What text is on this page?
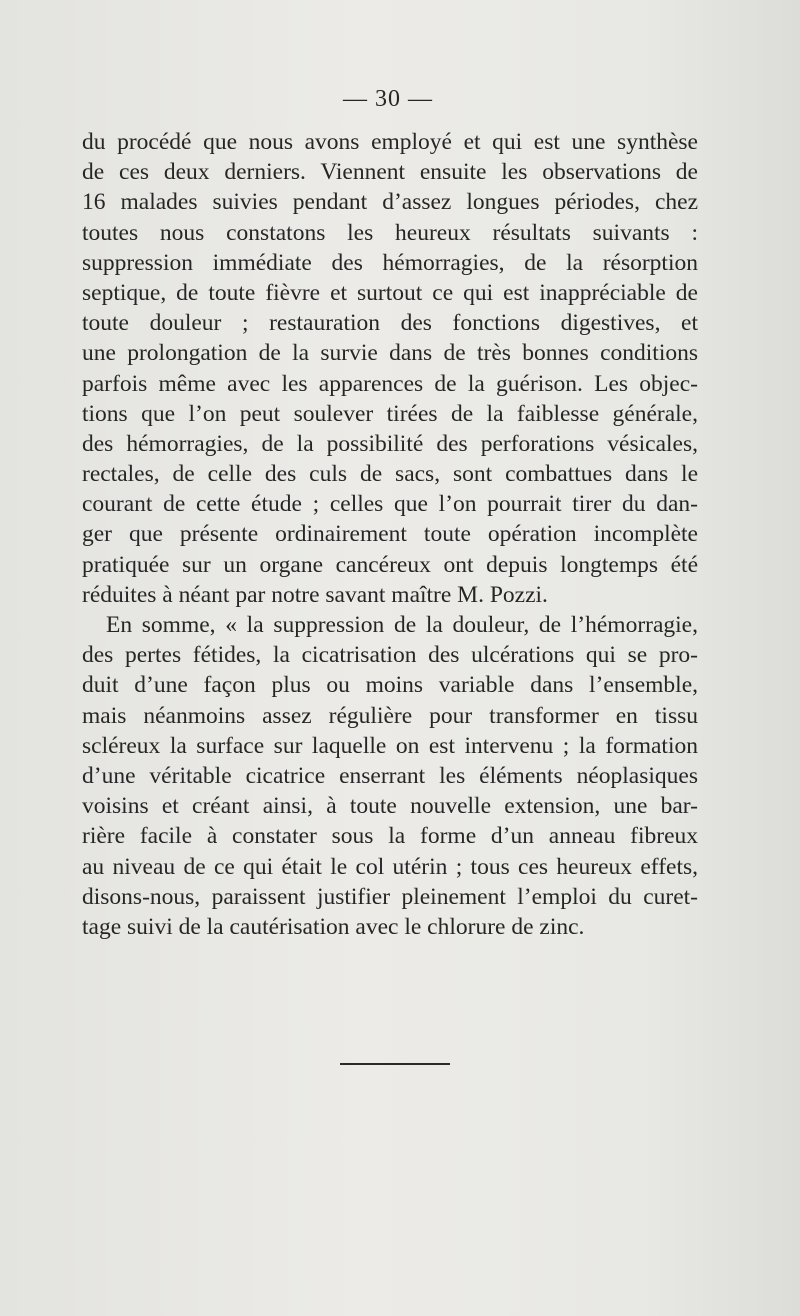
— 30 —
du procédé que nous avons employé et qui est une synthèse
de ces deux derniers. Viennent ensuite les observations de
16 malades suivies pendant d’assez longues périodes, chez
toutes nous constatons les heureux résultats suivants :
suppression immédiate des hémorragies, de la résorption
septique, de toute fièvre et surtout ce qui est inappréciable de
toute douleur ; restauration des fonctions digestives, et
une prolongation de la survie dans de très bonnes conditions
parfois même avec les apparences de la guérison. Les objec-
tions que l’on peut soulever tirées de la faiblesse générale,
des hémorragies, de la possibilité des perforations vésicales,
rectales, de celle des culs de sacs, sont combattues dans le
courant de cette étude ; celles que l’on pourrait tirer du dan-
ger que présente ordinairement toute opération incomplète
pratiquée sur un organe cancéreux ont depuis longtemps été
réduites à néant par notre savant maître M. Pozzi.
En somme, « la suppression de la douleur, de l’hémorragie,
des pertes fétides, la cicatrisation des ulcérations qui se pro-
duit d’une façon plus ou moins variable dans l’ensemble,
mais néanmoins assez régulière pour transformer en tissu
scléreux la surface sur laquelle on est intervenu ; la formation
d’une véritable cicatrice enserrant les éléments néoplasiques
voisins et créant ainsi, à toute nouvelle extension, une bar-
rière facile à constater sous la forme d’un anneau fibreux
au niveau de ce qui était le col utérin ; tous ces heureux effets,
disons-nous, paraissent justifier pleinement l’emploi du curet-
tage suivi de la cautérisation avec le chlorure de zinc.
